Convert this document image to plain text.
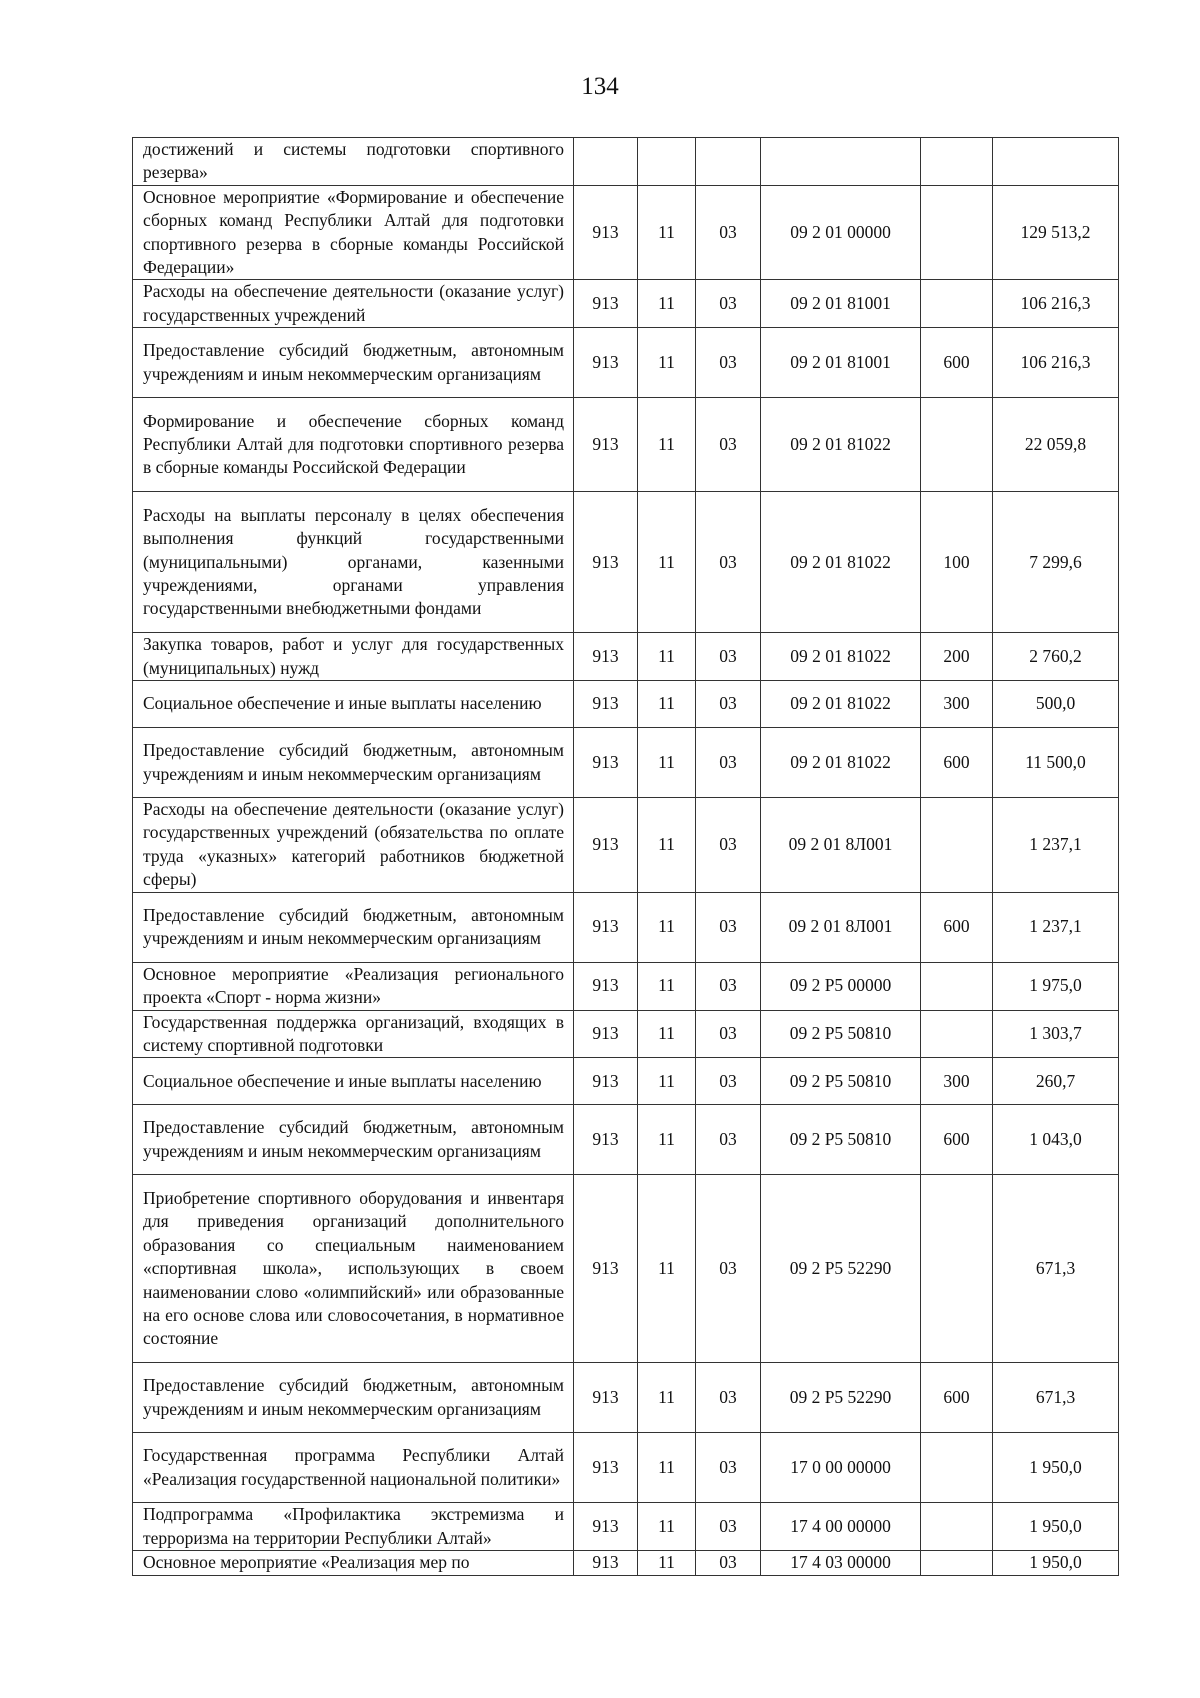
134
достижений и системы подготовки спортивного резерва»						
Основное мероприятие «Формирование и обеспечение сборных команд Республики Алтай для подготовки спортивного резерва в сборные команды Российской Федерации»	913	11	03	09 2 01 00000		129 513,2
Расходы на обеспечение деятельности (оказание услуг) государственных учреждений	913	11	03	09 2 01 81001		106 216,3
Предоставление субсидий бюджетным, автономным учреждениям и иным некоммерческим организациям	913	11	03	09 2 01 81001	600	106 216,3
Формирование и обеспечение сборных команд Республики Алтай для подготовки спортивного резерва в сборные команды Российской Федерации	913	11	03	09 2 01 81022		22 059,8
Расходы на выплаты персоналу в целях обеспечения выполнения функций государственными (муниципальными) органами, казенными учреждениями, органами управления государственными внебюджетными фондами	913	11	03	09 2 01 81022	100	7 299,6
Закупка товаров, работ и услуг для государственных (муниципальных) нужд	913	11	03	09 2 01 81022	200	2 760,2
Социальное обеспечение и иные выплаты населению	913	11	03	09 2 01 81022	300	500,0
Предоставление субсидий бюджетным, автономным учреждениям и иным некоммерческим организациям	913	11	03	09 2 01 81022	600	11 500,0
Расходы на обеспечение деятельности (оказание услуг) государственных учреждений (обязательства по оплате труда «указных» категорий работников бюджетной сферы)	913	11	03	09 2 01 8Л001		1 237,1
Предоставление субсидий бюджетным, автономным учреждениям и иным некоммерческим организациям	913	11	03	09 2 01 8Л001	600	1 237,1
Основное мероприятие «Реализация регионального проекта «Спорт - норма жизни»	913	11	03	09 2 Р5 00000		1 975,0
Государственная поддержка организаций, входящих в систему спортивной подготовки	913	11	03	09 2 Р5 50810		1 303,7
Социальное обеспечение и иные выплаты населению	913	11	03	09 2 Р5 50810	300	260,7
Предоставление субсидий бюджетным, автономным учреждениям и иным некоммерческим организациям	913	11	03	09 2 Р5 50810	600	1 043,0
Приобретение спортивного оборудования и инвентаря для приведения организаций дополнительного образования со специальным наименованием «спортивная школа», использующих в своем наименовании слово «олимпийский» или образованные на его основе слова или словосочетания, в нормативное состояние	913	11	03	09 2 Р5 52290		671,3
Предоставление субсидий бюджетным, автономным учреждениям и иным некоммерческим организациям	913	11	03	09 2 Р5 52290	600	671,3
Государственная программа Республики Алтай «Реализация государственной национальной политики»	913	11	03	17 0 00 00000		1 950,0
Подпрограмма «Профилактика экстремизма и терроризма на территории Республики Алтай»	913	11	03	17 4 00 00000		1 950,0
Основное мероприятие «Реализация мер по	913	11	03	17 4 03 00000		1 950,0
